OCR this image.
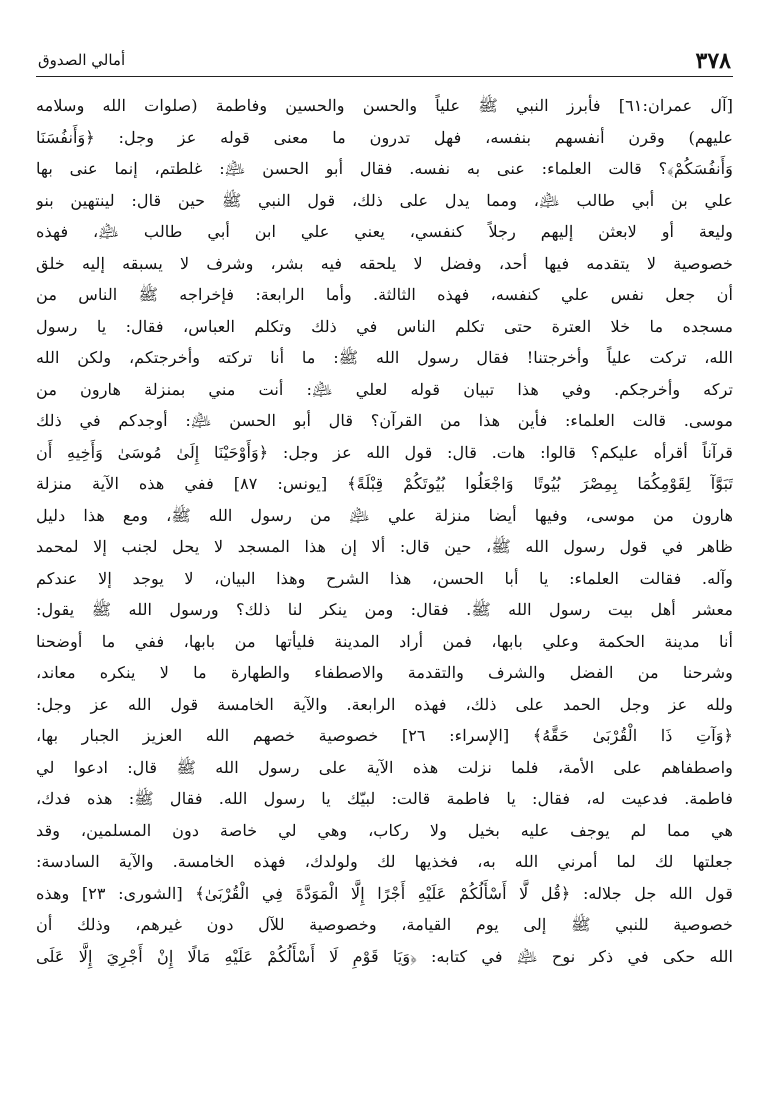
٣٧٨
أمالي الصدوق
[آل عمران:٦١] فأبرز النبي ﷺ علياً والحسن والحسين وفاطمة (صلوات الله وسلامه
عليهم) وقرن أنفسهم بنفسه، فهل تدرون ما معنى قوله عز وجل: ﴿وَأَنفُسَنَا
وَأَنفُسَكُمْ﴾؟ قالت العلماء: عنى به نفسه. فقال أبو الحسن ﵇: غلطتم، إنما عنى بها
علي بن أبي طالب ﵇، ومما يدل على ذلك، قول النبي ﷺ حين قال: لينتهين بنو
وليعة أو لابعثن إليهم رجلاً كنفسي، يعني علي ابن أبي طالب ﵇، فهذه
خصوصية لا يتقدمه فيها أحد، وفضل لا يلحقه فيه بشر، وشرف لا يسبقه إليه خلق
أن جعل نفس علي كنفسه، فهذه الثالثة. وأما الرابعة: فإخراجه ﷺ الناس من
مسجده ما خلا العترة حتى تكلم الناس في ذلك وتكلم العباس، فقال: يا رسول
الله، تركت علياً وأخرجتنا! فقال رسول الله ﷺ: ما أنا تركته وأخرجتكم، ولكن الله
تركه وأخرجكم. وفي هذا تبيان قوله لعلي ﵇: أنت مني بمنزلة هارون من
موسى. قالت العلماء: فأين هذا من القرآن؟ قال أبو الحسن ﵇: أوجدكم في ذلك
قرآناً أقرأه عليكم؟ قالوا: هات. قال: قول الله عز وجل: ﴿وَأَوْحَيْنَا إِلَىٰ مُوسَىٰ وَأَخِيهِ أَن
تَبَوَّآ لِقَوْمِكُمَا بِمِصْرَ بُيُوتًا وَاجْعَلُوا بُيُوتَكُمْ قِبْلَةً﴾ [يونس: ٨٧] ففي هذه الآية منزلة
هارون من موسى، وفيها أيضا منزلة علي ﵇ من رسول الله ﷺ، ومع هذا دليل
ظاهر في قول رسول الله ﷺ، حين قال: ألا إن هذا المسجد لا يحل لجنب إلا لمحمد
وآله. فقالت العلماء: يا أبا الحسن، هذا الشرح وهذا البيان، لا يوجد إلا عندكم
معشر أهل بيت رسول الله ﷺ. فقال: ومن ينكر لنا ذلك؟ ورسول الله ﷺ يقول:
أنا مدينة الحكمة وعلي بابها، فمن أراد المدينة فليأتها من بابها، ففي ما أوضحنا
وشرحنا من الفضل والشرف والتقدمة والاصطفاء والطهارة ما لا ينكره معاند،
ولله عز وجل الحمد على ذلك، فهذه الرابعة. والآية الخامسة قول الله عز وجل:
﴿وَآتِ ذَا الْقُرْبَىٰ حَقَّهُ﴾ [الإسراء: ٢٦] خصوصية خصهم الله العزيز الجبار بها،
واصطفاهم على الأمة، فلما نزلت هذه الآية على رسول الله ﷺ قال: ادعوا لي
فاطمة. فدعيت له، فقال: يا فاطمة قالت: لبيّك يا رسول الله. فقال ﷺ: هذه فدك،
هي مما لم يوجف عليه بخيل ولا ركاب، وهي لي خاصة دون المسلمين، وقد
جعلتها لك لما أمرني الله به، فخذيها لك ولولدك، فهذه الخامسة. والآية السادسة:
قول الله جل جلاله: ﴿قُل لَّا أَسْأَلُكُمْ عَلَيْهِ أَجْرًا إِلَّا الْمَوَدَّةَ فِي الْقُرْبَىٰ﴾ [الشورى: ٢٣] وهذه
خصوصية للنبي ﷺ إلى يوم القيامة، وخصوصية للآل دون غيرهم، وذلك أن
الله حكى في ذكر نوح ﵇ في كتابه: ﴿وَيَا قَوْمِ لَا أَسْأَلُكُمْ عَلَيْهِ مَالًا إِنْ أَجْرِيَ إِلَّا عَلَى
